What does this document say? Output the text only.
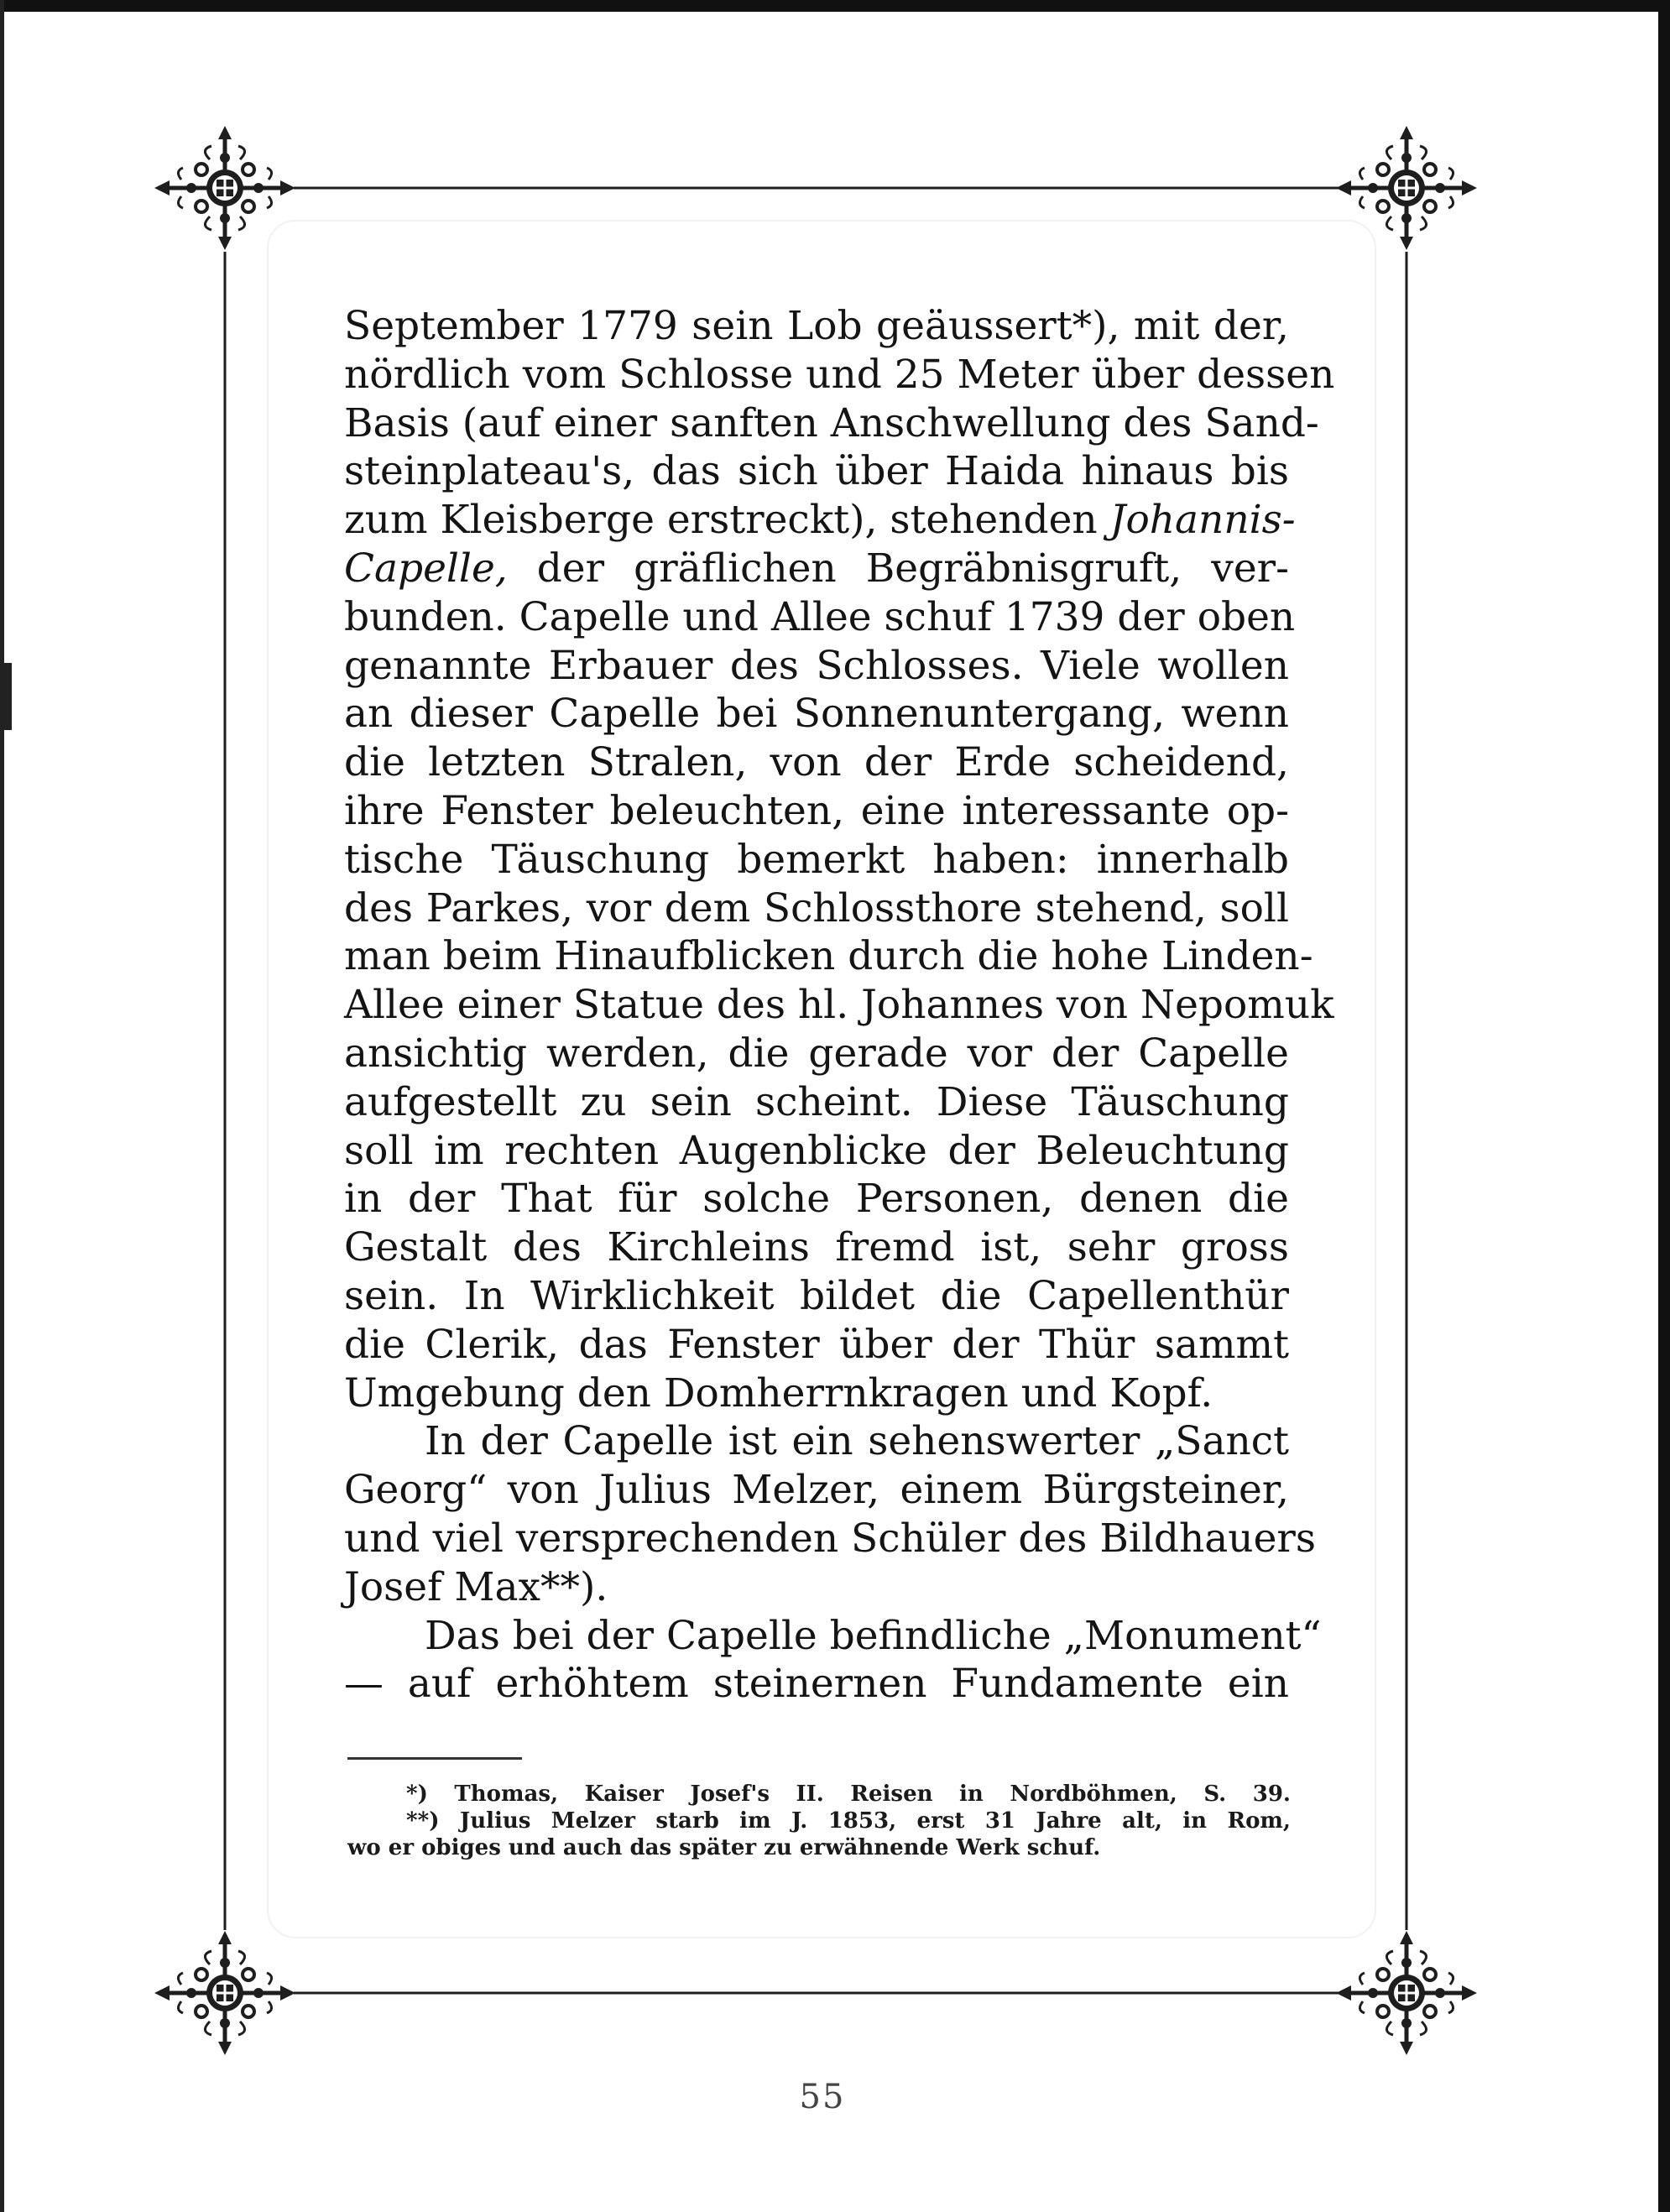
September 1779 sein Lob geäussert*), mit der,
nördlich vom Schlosse und 25 Meter über dessen
Basis (auf einer sanften Anschwellung des Sand-
steinplateau's, das sich über Haida hinaus bis
zum Kleisberge erstreckt), stehenden Johannis-
Capelle, der gräflichen Begräbnisgruft, ver-
bunden. Capelle und Allee schuf 1739 der oben
genannte Erbauer des Schlosses. Viele wollen
an dieser Capelle bei Sonnenuntergang, wenn
die letzten Stralen, von der Erde scheidend,
ihre Fenster beleuchten, eine interessante op-
tische Täuschung bemerkt haben: innerhalb
des Parkes, vor dem Schlossthore stehend, soll
man beim Hinaufblicken durch die hohe Linden-
Allee einer Statue des hl. Johannes von Nepomuk
ansichtig werden, die gerade vor der Capelle
aufgestellt zu sein scheint. Diese Täuschung
soll im rechten Augenblicke der Beleuchtung
in der That für solche Personen, denen die
Gestalt des Kirchleins fremd ist, sehr gross
sein. In Wirklichkeit bildet die Capellenthür
die Clerik, das Fenster über der Thür sammt
Umgebung den Domherrnkragen und Kopf.
In der Capelle ist ein sehenswerter „Sanct
Georg“ von Julius Melzer, einem Bürgsteiner,
und viel versprechenden Schüler des Bildhauers
Josef Max**).
Das bei der Capelle befindliche „Monument“
— auf erhöhtem steinernen Fundamente ein
*) Thomas, Kaiser Josef's II. Reisen in Nordböhmen, S. 39.
**) Julius Melzer starb im J. 1853, erst 31 Jahre alt, in Rom,
wo er obiges und auch das später zu erwähnende Werk schuf.
55
